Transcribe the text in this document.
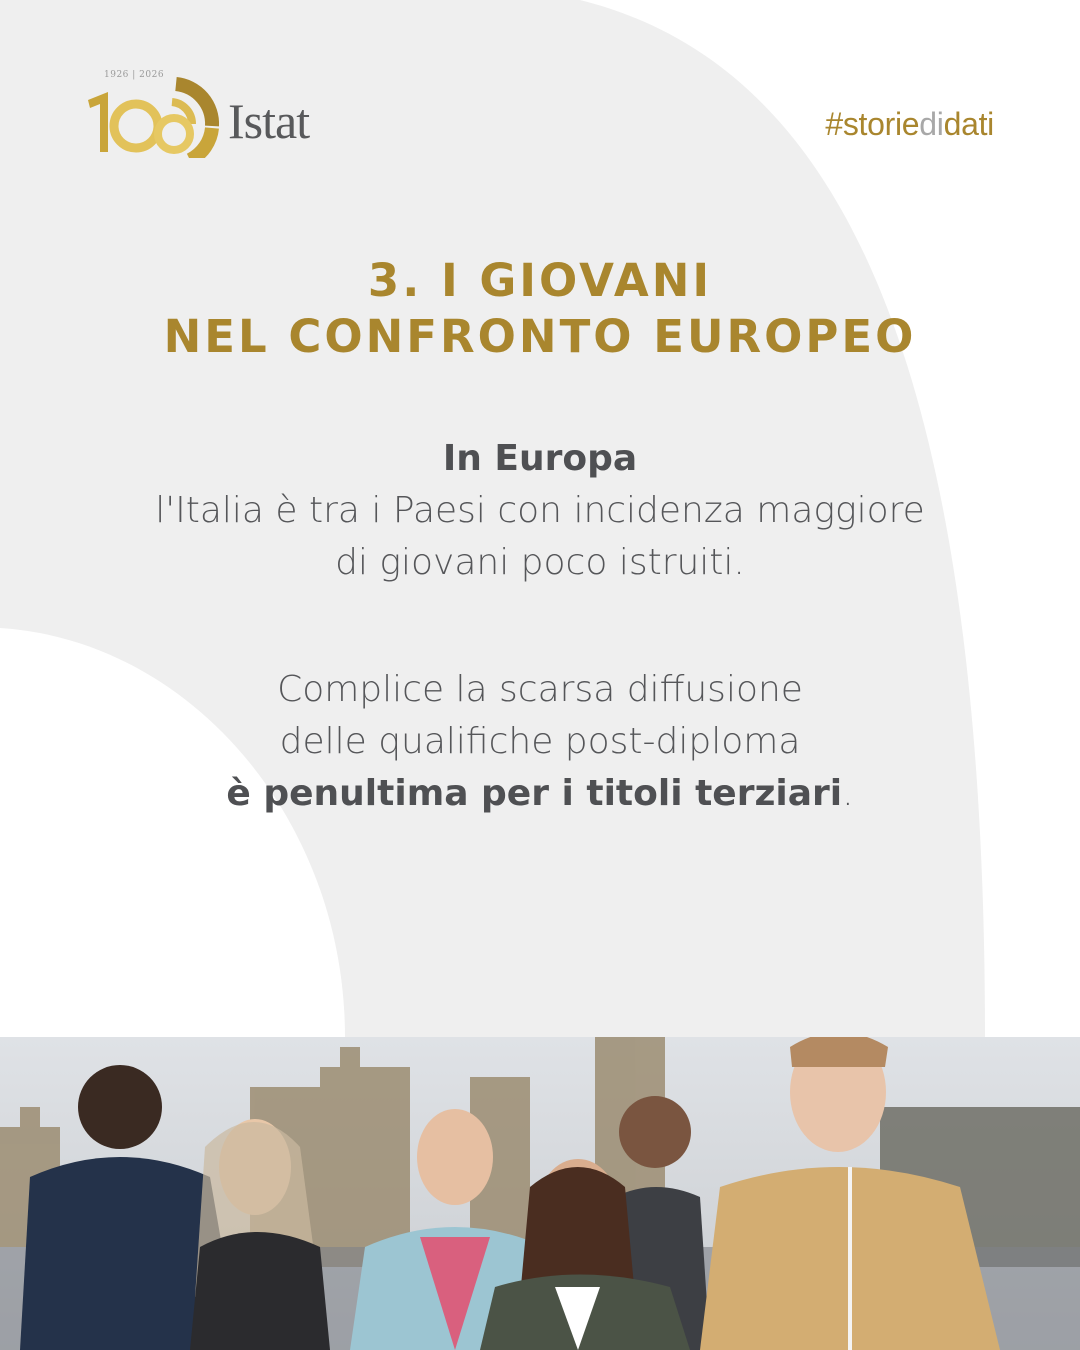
1926 | 2026
Istat	#storiedidati
3. I GIOVANI
NEL CONFRONTO EUROPEO
In Europa
l'Italia è tra i Paesi con incidenza maggiore
di giovani poco istruiti.
Complice la scarsa diffusione
delle qualifiche post-diploma
è penultima per i titoli terziari.
